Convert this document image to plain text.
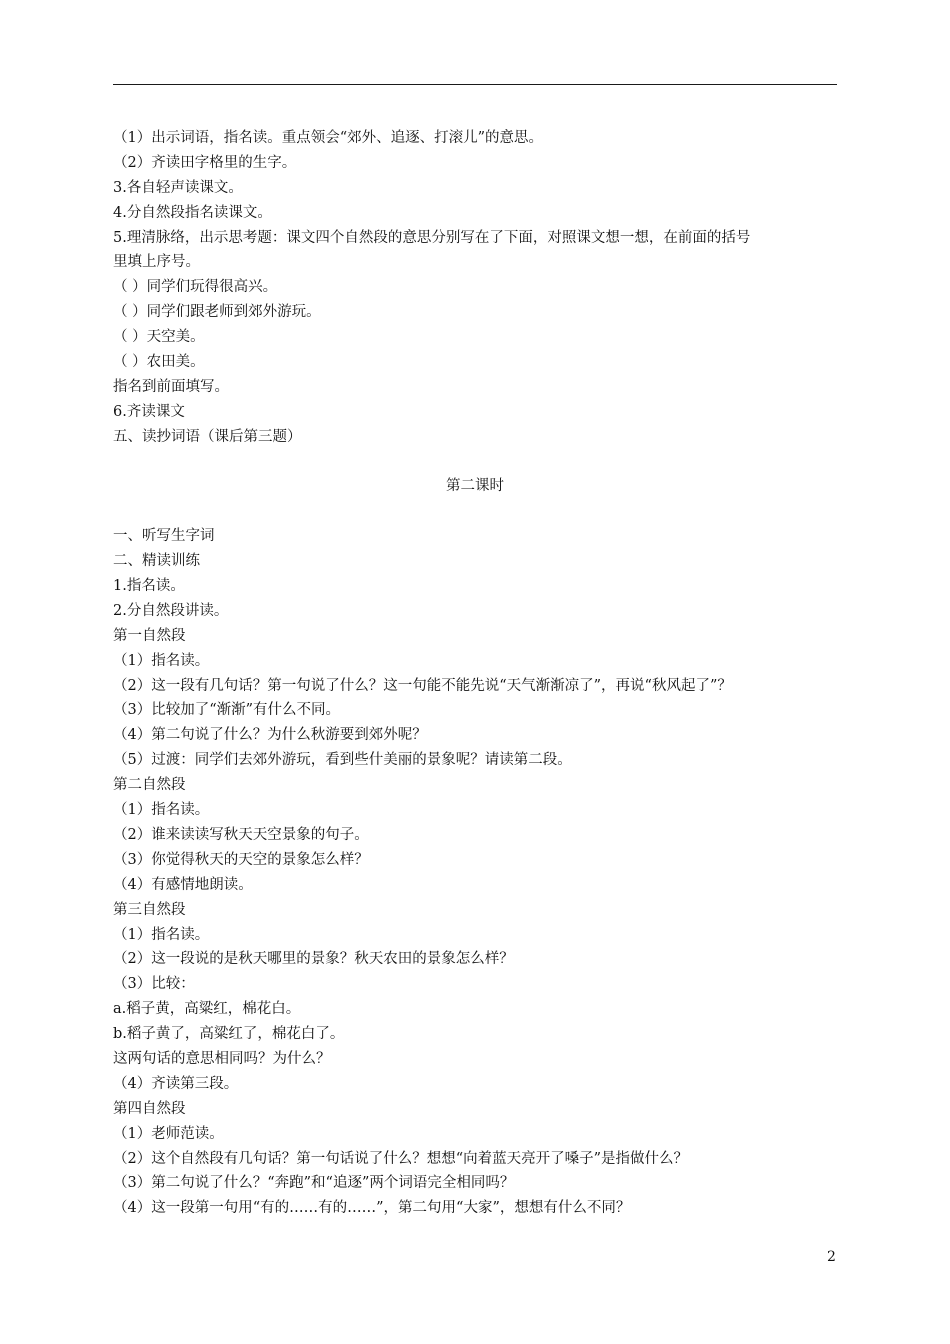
（1）出示词语，指名读。重点领会“郊外、追逐、打滚儿”的意思。
（2）齐读田字格里的生字。
3.各自轻声读课文。
4.分自然段指名读课文。
5.理清脉络，出示思考题：课文四个自然段的意思分别写在了下面，对照课文想一想，在前面的括号
里填上序号。
（ ）同学们玩得很高兴。
（ ）同学们跟老师到郊外游玩。
（ ）天空美。
（ ）农田美。
指名到前面填写。
6.齐读课文
五、读抄词语（课后第三题）
第二课时
一、听写生字词
二、精读训练
1.指名读。
2.分自然段讲读。
第一自然段
（1）指名读。
（2）这一段有几句话？第一句说了什么？这一句能不能先说“天气渐渐凉了”，再说“秋风起了”？
（3）比较加了“渐渐”有什么不同。
（4）第二句说了什么？为什么秋游要到郊外呢？
（5）过渡：同学们去郊外游玩，看到些什美丽的景象呢？请读第二段。
第二自然段
（1）指名读。
（2）谁来读读写秋天天空景象的句子。
（3）你觉得秋天的天空的景象怎么样？
（4）有感情地朗读。
第三自然段
（1）指名读。
（2）这一段说的是秋天哪里的景象？秋天农田的景象怎么样？
（3）比较：
a.稻子黄，高粱红，棉花白。
b.稻子黄了，高粱红了，棉花白了。
这两句话的意思相同吗？为什么？
（4）齐读第三段。
第四自然段
（1）老师范读。
（2）这个自然段有几句话？第一句话说了什么？想想“向着蓝天亮开了嗓子”是指做什么？
（3）第二句说了什么？“奔跑”和“追逐”两个词语完全相同吗？
（4）这一段第一句用“有的……有的……”，第二句用“大家”，想想有什么不同？
2
